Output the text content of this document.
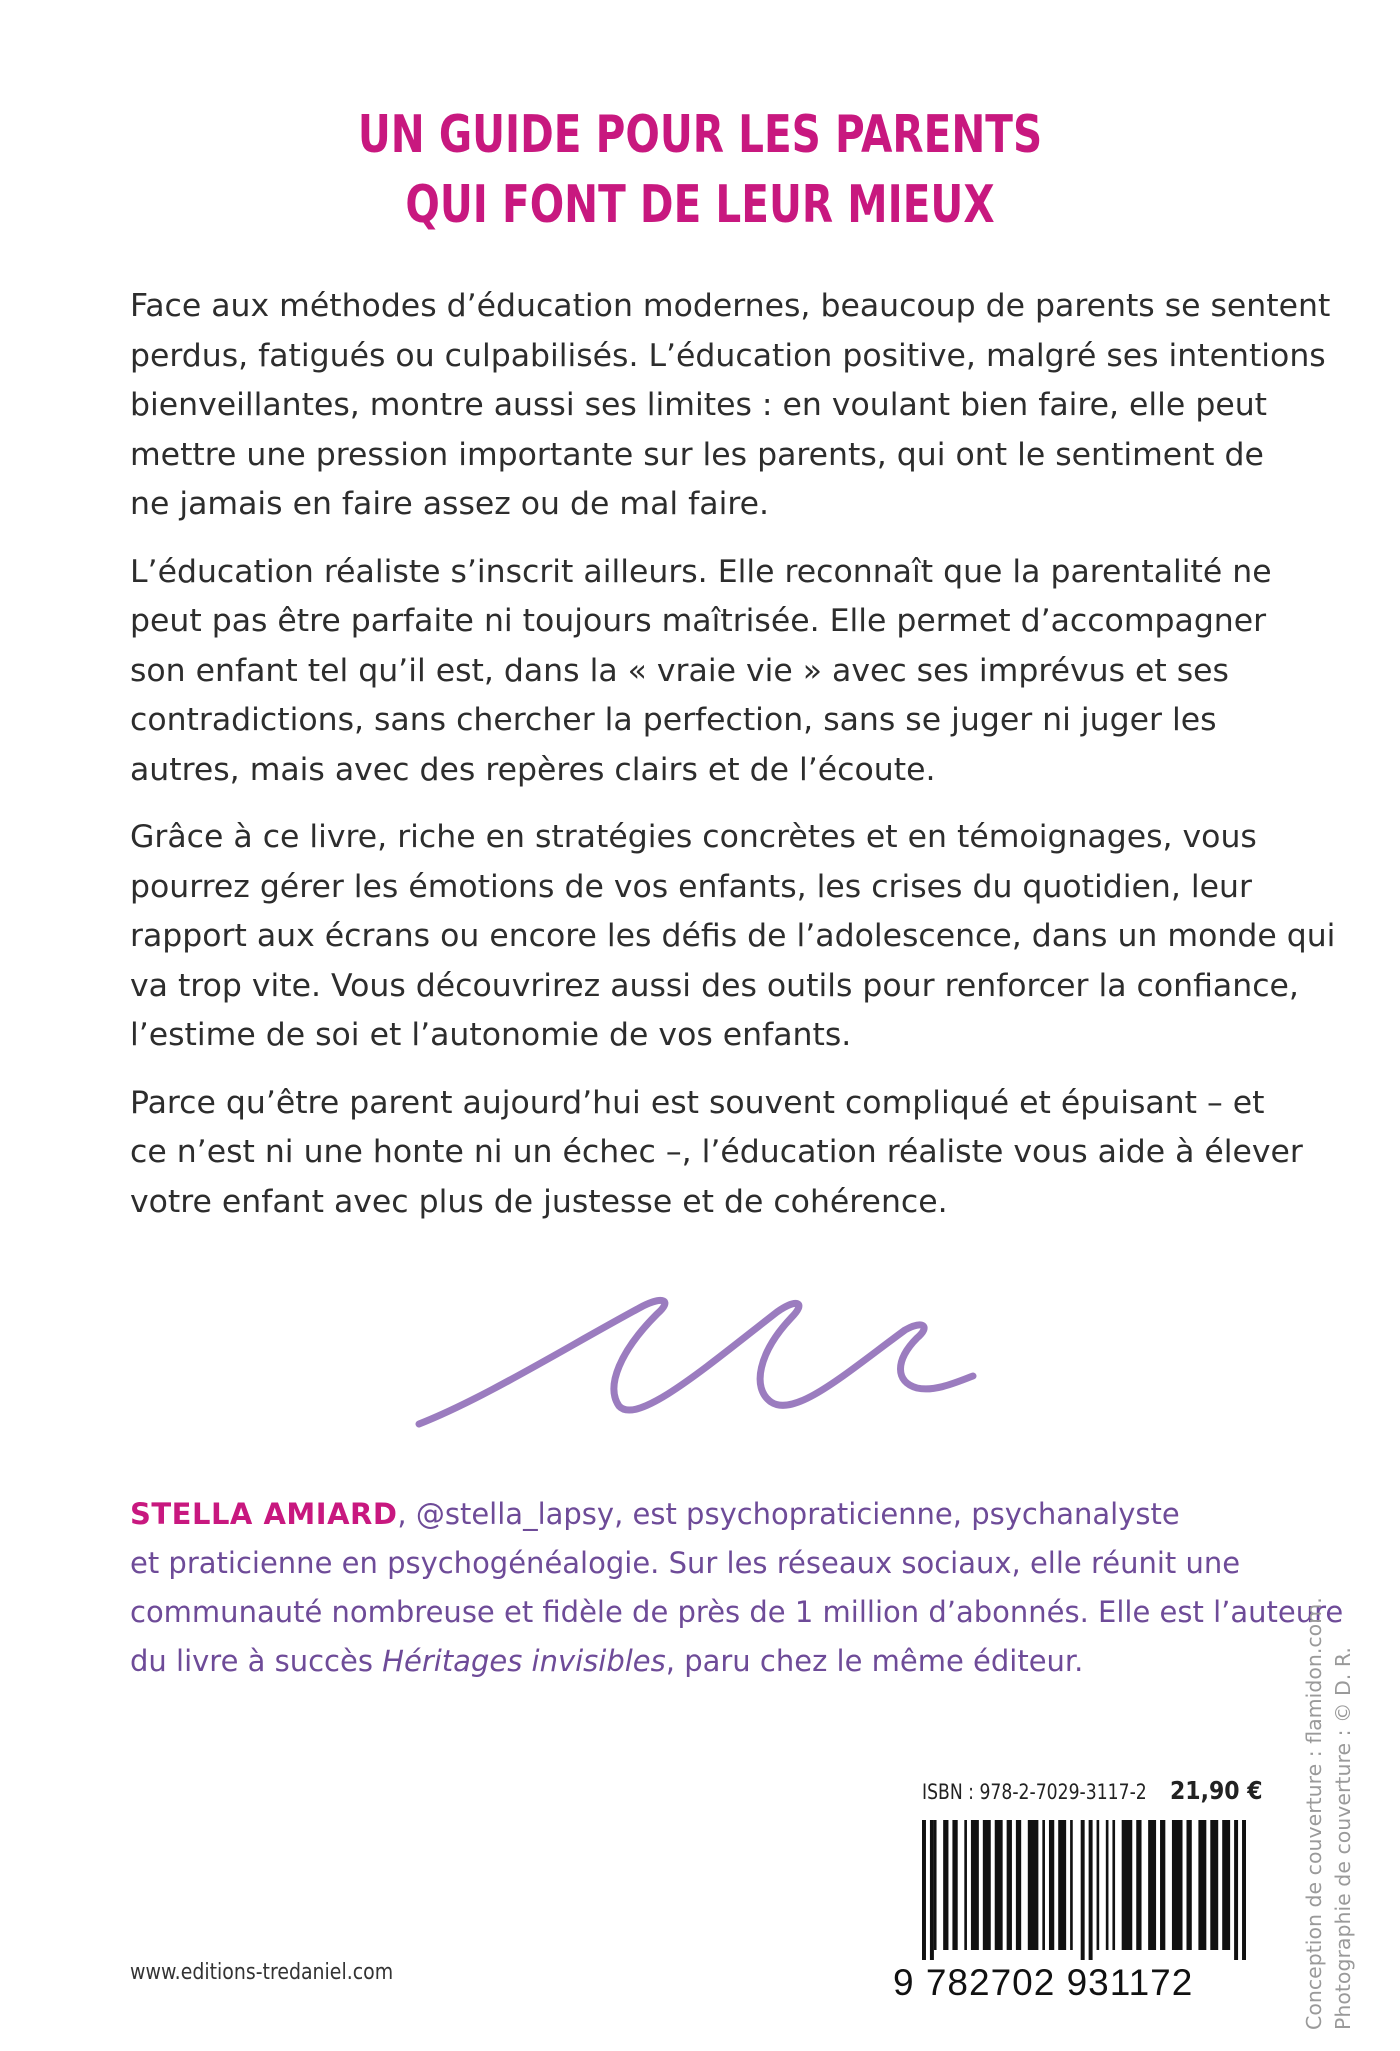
UN GUIDE POUR LES PARENTS
QUI FONT DE LEUR MIEUX

Face aux méthodes d’éducation modernes, beaucoup de parents se sentent
perdus, fatigués ou culpabilisés. L’éducation positive, malgré ses intentions
bienveillantes, montre aussi ses limites : en voulant bien faire, elle peut
mettre une pression importante sur les parents, qui ont le sentiment de
ne jamais en faire assez ou de mal faire.

L’éducation réaliste s’inscrit ailleurs. Elle reconnaît que la parentalité ne
peut pas être parfaite ni toujours maîtrisée. Elle permet d’accompagner
son enfant tel qu’il est, dans la « vraie vie » avec ses imprévus et ses
contradictions, sans chercher la perfection, sans se juger ni juger les
autres, mais avec des repères clairs et de l’écoute.

Grâce à ce livre, riche en stratégies concrètes et en témoignages, vous
pourrez gérer les émotions de vos enfants, les crises du quotidien, leur
rapport aux écrans ou encore les défis de l’adolescence, dans un monde qui
va trop vite. Vous découvrirez aussi des outils pour renforcer la confiance,
l’estime de soi et l’autonomie de vos enfants.

Parce qu’être parent aujourd’hui est souvent compliqué et épuisant – et
ce n’est ni une honte ni un échec –, l’éducation réaliste vous aide à élever
votre enfant avec plus de justesse et de cohérence.

STELLA AMIARD, @stella_lapsy, est psychopraticienne, psychanalyste
et praticienne en psychogénéalogie. Sur les réseaux sociaux, elle réunit une
communauté nombreuse et fidèle de près de 1 million d’abonnés. Elle est l’auteure
du livre à succès Héritages invisibles, paru chez le même éditeur.	Conception de couverture : flamidon.com. Photographie de couverture : © D. R.
ISBN : 978-2-7029-3117-2 21,90 €
9 782702 931172
www.editions-tredaniel.com
